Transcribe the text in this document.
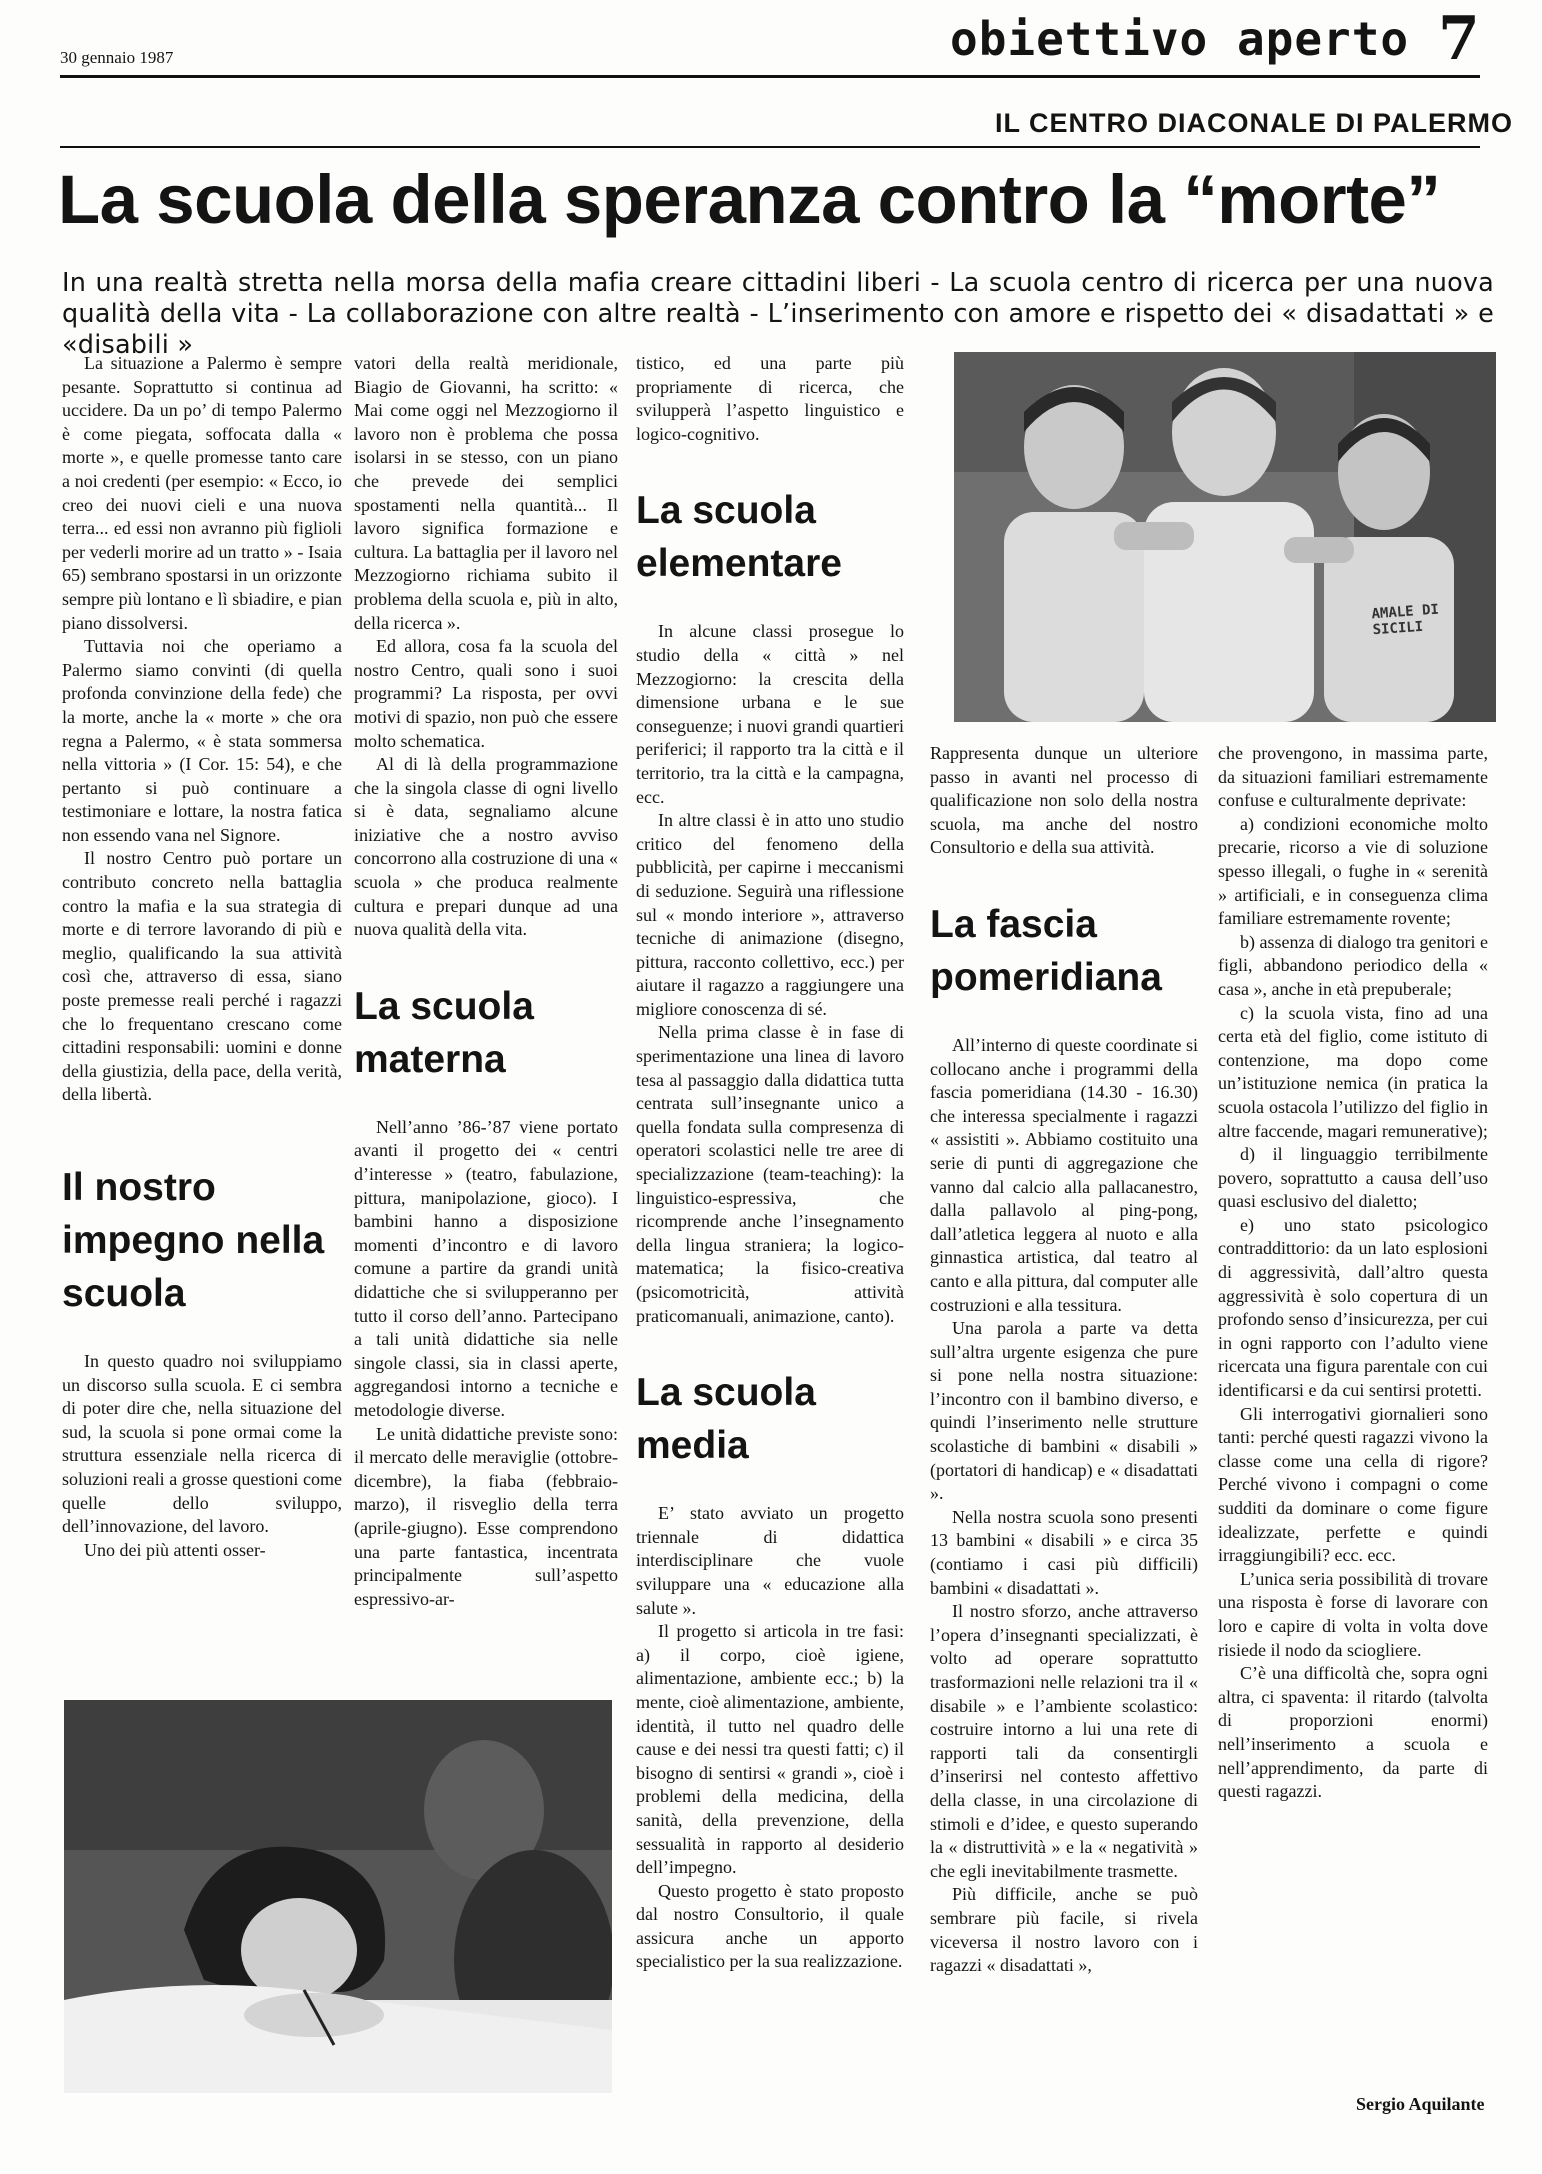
30 gennaio 1987	obiettivo aperto 7
IL CENTRO DIACONALE DI PALERMO
La scuola della speranza contro la “morte”
In una realtà stretta nella morsa della mafia creare cittadini liberi - La scuola centro di ricerca per una nuova qualità della vita - La collaborazione con altre realtà - L’inserimento con amore e rispetto dei « disadattati » e «disabili »

La situazione a Palermo è sempre pesante. Soprattutto si continua ad uccidere. Da un po’ di tempo Palermo è come piegata, soffocata dalla « morte », e quelle promesse tanto care a noi credenti (per esempio: « Ecco, io creo dei nuovi cieli e una nuova terra... ed essi non avranno più figlioli per vederli morire ad un tratto » - Isaia 65) sembrano spostarsi in un orizzonte sempre più lontano e lì sbiadire, e pian piano dissolversi.

Tuttavia noi che operiamo a Palermo siamo convinti (di quella profonda convinzione della fede) che la morte, anche la « morte » che ora regna a Palermo, « è stata sommersa nella vittoria » (I Cor. 15: 54), e che pertanto si può continuare a testimoniare e lottare, la nostra fatica non essendo vana nel Signore.

Il nostro Centro può portare un contributo concreto nella battaglia contro la mafia e la sua strategia di morte e di terrore lavorando di più e meglio, qualificando la sua attività così che, attraverso di essa, siano poste premesse reali perché i ragazzi che lo frequentano crescano come cittadini responsabili: uomini e donne della giustizia, della pace, della verità, della libertà.

Il nostro impegno nella scuola

In questo quadro noi sviluppiamo un discorso sulla scuola. E ci sembra di poter dire che, nella situazione del sud, la scuola si pone ormai come la struttura essenziale nella ricerca di soluzioni reali a grosse questioni come quelle dello sviluppo, dell’innovazione, del lavoro.

Uno dei più attenti osser-

vatori della realtà meridionale, Biagio de Giovanni, ha scritto: « Mai come oggi nel Mezzogiorno il lavoro non è problema che possa isolarsi in se stesso, con un piano che prevede dei semplici spostamenti nella quantità... Il lavoro significa formazione e cultura. La battaglia per il lavoro nel Mezzogiorno richiama subito il problema della scuola e, più in alto, della ricerca ».

Ed allora, cosa fa la scuola del nostro Centro, quali sono i suoi programmi? La risposta, per ovvi motivi di spazio, non può che essere molto schematica.

Al di là della programmazione che la singola classe di ogni livello si è data, segnaliamo alcune iniziative che a nostro avviso concorrono alla costruzione di una « scuola » che produca realmente cultura e prepari dunque ad una nuova qualità della vita.

La scuola materna

Nell’anno ’86-’87 viene portato avanti il progetto dei « centri d’interesse » (teatro, fabulazione, pittura, manipolazione, gioco). I bambini hanno a disposizione momenti d’incontro e di lavoro comune a partire da grandi unità didattiche che si svilupperanno per tutto il corso dell’anno. Partecipano a tali unità didattiche sia nelle singole classi, sia in classi aperte, aggregandosi intorno a tecniche e metodologie diverse.

Le unità didattiche previste sono: il mercato delle meraviglie (ottobre-dicembre), la fiaba (febbraio-marzo), il risveglio della terra (aprile-giugno). Esse comprendono una parte fantastica, incentrata principalmente sull’aspetto espressivo-ar-

tistico, ed una parte più propriamente di ricerca, che svilupperà l’aspetto linguistico e logico-cognitivo.

La scuola elementare

In alcune classi prosegue lo studio della « città » nel Mezzogiorno: la crescita della dimensione urbana e le sue conseguenze; i nuovi grandi quartieri periferici; il rapporto tra la città e il territorio, tra la città e la campagna, ecc.

In altre classi è in atto uno studio critico del fenomeno della pubblicità, per capirne i meccanismi di seduzione. Seguirà una riflessione sul « mondo interiore », attraverso tecniche di animazione (disegno, pittura, racconto collettivo, ecc.) per aiutare il ragazzo a raggiungere una migliore conoscenza di sé.

Nella prima classe è in fase di sperimentazione una linea di lavoro tesa al passaggio dalla didattica tutta centrata sull’insegnante unico a quella fondata sulla compresenza di operatori scolastici nelle tre aree di specializzazione (team-teaching): la linguistico-espressiva, che ricomprende anche l’insegnamento della lingua straniera; la logico-matematica; la fisico-creativa (psicomotricità, attività praticomanuali, animazione, canto).

La scuola media

E’ stato avviato un progetto triennale di didattica interdisciplinare che vuole sviluppare una « educazione alla salute ».

Il progetto si articola in tre fasi: a) il corpo, cioè igiene, alimentazione, ambiente ecc.; b) la mente, cioè alimentazione, ambiente, identità, il tutto nel quadro delle cause e dei nessi tra questi fatti; c) il bisogno di sentirsi « grandi », cioè i problemi della medicina, della sanità, della prevenzione, della sessualità in rapporto al desiderio dell’impegno.

Questo progetto è stato proposto dal nostro Consultorio, il quale assicura anche un apporto specialistico per la sua realizzazione.

AMALE DI SICILI

Rappresenta dunque un ulteriore passo in avanti nel processo di qualificazione non solo della nostra scuola, ma anche del nostro Consultorio e della sua attività.

La fascia pomeridiana

All’interno di queste coordinate si collocano anche i programmi della fascia pomeridiana (14.30 - 16.30) che interessa specialmente i ragazzi « assistiti ». Abbiamo costituito una serie di punti di aggregazione che vanno dal calcio alla pallacanestro, dalla pallavolo al ping-pong, dall’atletica leggera al nuoto e alla ginnastica artistica, dal teatro al canto e alla pittura, dal computer alle costruzioni e alla tessitura.

Una parola a parte va detta sull’altra urgente esigenza che pure si pone nella nostra situazione: l’incontro con il bambino diverso, e quindi l’inserimento nelle strutture scolastiche di bambini « disabili » (portatori di handicap) e « disadattati ».

Nella nostra scuola sono presenti 13 bambini « disabili » e circa 35 (contiamo i casi più difficili) bambini « disadattati ».

Il nostro sforzo, anche attraverso l’opera d’insegnanti specializzati, è volto ad operare soprattutto trasformazioni nelle relazioni tra il « disabile » e l’ambiente scolastico: costruire intorno a lui una rete di rapporti tali da consentirgli d’inserirsi nel contesto affettivo della classe, in una circolazione di stimoli e d’idee, e questo superando la « distruttività » e la « negatività » che egli inevitabilmente trasmette.

Più difficile, anche se può sembrare più facile, si rivela viceversa il nostro lavoro con i ragazzi « disadattati »,

che provengono, in massima parte, da situazioni familiari estremamente confuse e culturalmente deprivate:

a) condizioni economiche molto precarie, ricorso a vie di soluzione spesso illegali, o fughe in « serenità » artificiali, e in conseguenza clima familiare estremamente rovente;

b) assenza di dialogo tra genitori e figli, abbandono periodico della « casa », anche in età prepuberale;

c) la scuola vista, fino ad una certa età del figlio, come istituto di contenzione, ma dopo come un’istituzione nemica (in pratica la scuola ostacola l’utilizzo del figlio in altre faccende, magari remunerative);

d) il linguaggio terribilmente povero, soprattutto a causa dell’uso quasi esclusivo del dialetto;

e) uno stato psicologico contraddittorio: da un lato esplosioni di aggressività, dall’altro questa aggressività è solo copertura di un profondo senso d’insicurezza, per cui in ogni rapporto con l’adulto viene ricercata una figura parentale con cui identificarsi e da cui sentirsi protetti.

Gli interrogativi giornalieri sono tanti: perché questi ragazzi vivono la classe come una cella di rigore? Perché vivono i compagni o come sudditi da dominare o come figure idealizzate, perfette e quindi irraggiungibili? ecc. ecc.

L’unica seria possibilità di trovare una risposta è forse di lavorare con loro e capire di volta in volta dove risiede il nodo da sciogliere.

C’è una difficoltà che, sopra ogni altra, ci spaventa: il ritardo (talvolta di proporzioni enormi) nell’inserimento a scuola e nell’apprendimento, da parte di questi ragazzi.

Sergio Aquilante
